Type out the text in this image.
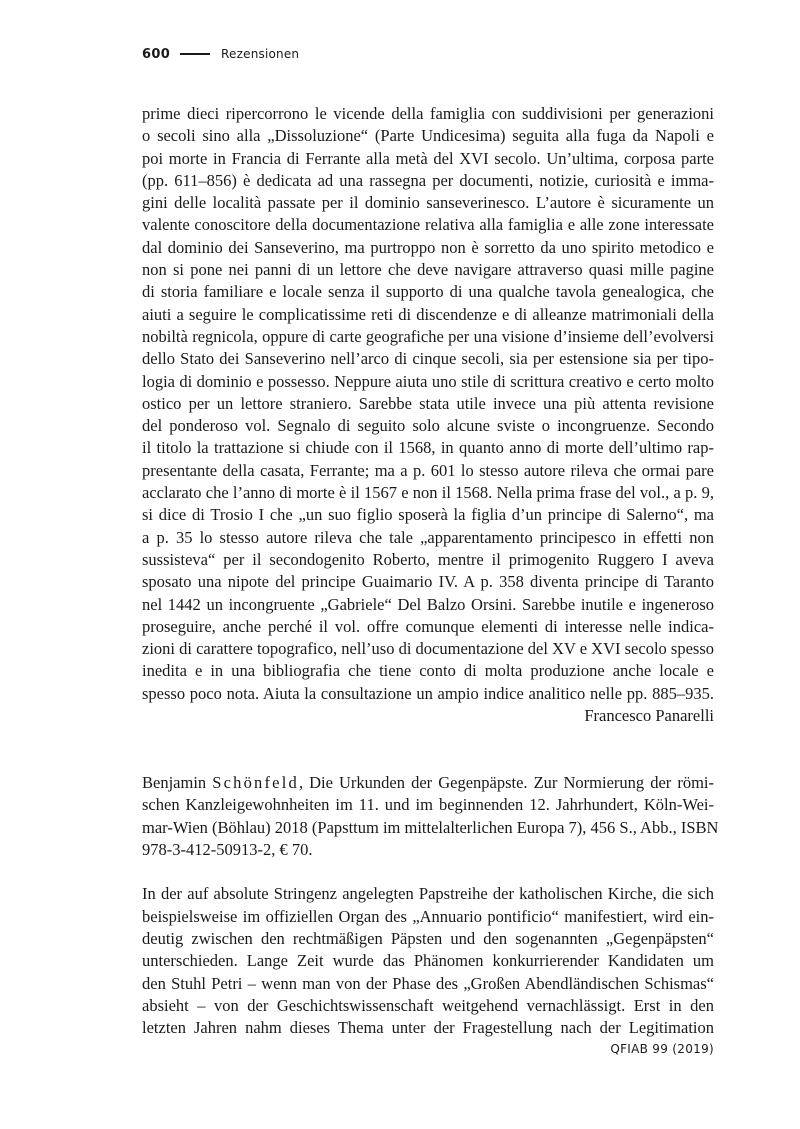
600	Rezensionen
prime dieci ripercorrono le vicende della famiglia con suddivisioni per generazioni
o secoli sino alla „Dissoluzione“ (Parte Undicesima) seguita alla fuga da Napoli e
poi morte in Francia di Ferrante alla metà del XVI secolo. Un’ultima, corposa parte
(pp. 611–856) è dedicata ad una rassegna per documenti, notizie, curiosità e imma-
gini delle località passate per il dominio sanseverinesco. L’autore è sicuramente un
valente conoscitore della documentazione relativa alla famiglia e alle zone interessate
dal dominio dei Sanseverino, ma purtroppo non è sorretto da uno spirito metodico e
non si pone nei panni di un lettore che deve navigare attraverso quasi mille pagine
di storia familiare e locale senza il supporto di una qualche tavola genealogica, che
aiuti a seguire le complicatissime reti di discendenze e di alleanze matrimoniali della
nobiltà regnicola, oppure di carte geografiche per una visione d’insieme dell’evolversi
dello Stato dei Sanseverino nell’arco di cinque secoli, sia per estensione sia per tipo-
logia di dominio e possesso. Neppure aiuta uno stile di scrittura creativo e certo molto
ostico per un lettore straniero. Sarebbe stata utile invece una più attenta revisione
del ponderoso vol. Segnalo di seguito solo alcune sviste o incongruenze. Secondo
il titolo la trattazione si chiude con il 1568, in quanto anno di morte dell’ultimo rap-
presentante della casata, Ferrante; ma a p. 601 lo stesso autore rileva che ormai pare
acclarato che l’anno di morte è il 1567 e non il 1568. Nella prima frase del vol., a p. 9,
si dice di Trosio I che „un suo figlio sposerà la figlia d’un principe di Salerno“, ma
a p. 35 lo stesso autore rileva che tale „apparentamento principesco in effetti non
sussisteva“ per il secondogenito Roberto, mentre il primogenito Ruggero I aveva
sposato una nipote del principe Guaimario IV. A p. 358 diventa principe di Taranto
nel 1442 un incongruente „Gabriele“ Del Balzo Orsini. Sarebbe inutile e ingeneroso
proseguire, anche perché il vol. offre comunque elementi di interesse nelle indica-
zioni di carattere topografico, nell’uso di documentazione del XV e XVI secolo spesso
inedita e in una bibliografia che tiene conto di molta produzione anche locale e
spesso poco nota. Aiuta la consultazione un ampio indice analitico nelle pp. 885–935.
Francesco Panarelli
Benjamin Schönfeld, Die Urkunden der Gegenpäpste. Zur Normierung der römi-
schen Kanzleigewohnheiten im 11. und im beginnenden 12. Jahrhundert, Köln-Wei-
mar-Wien (Böhlau) 2018 (Papsttum im mittelalterlichen Europa 7), 456 S., Abb., ISBN
978-3-412-50913-2, € 70.
In der auf absolute Stringenz angelegten Papstreihe der katholischen Kirche, die sich
beispielsweise im offiziellen Organ des „Annuario pontificio“ manifestiert, wird ein-
deutig zwischen den rechtmäßigen Päpsten und den sogenannten „Gegenpäpsten“
unterschieden. Lange Zeit wurde das Phänomen konkurrierender Kandidaten um
den Stuhl Petri – wenn man von der Phase des „Großen Abendländischen Schismas“
absieht – von der Geschichtswissenschaft weitgehend vernachlässigt. Erst in den
letzten Jahren nahm dieses Thema unter der Fragestellung nach der Legitimation
QFIAB 99 (2019)
